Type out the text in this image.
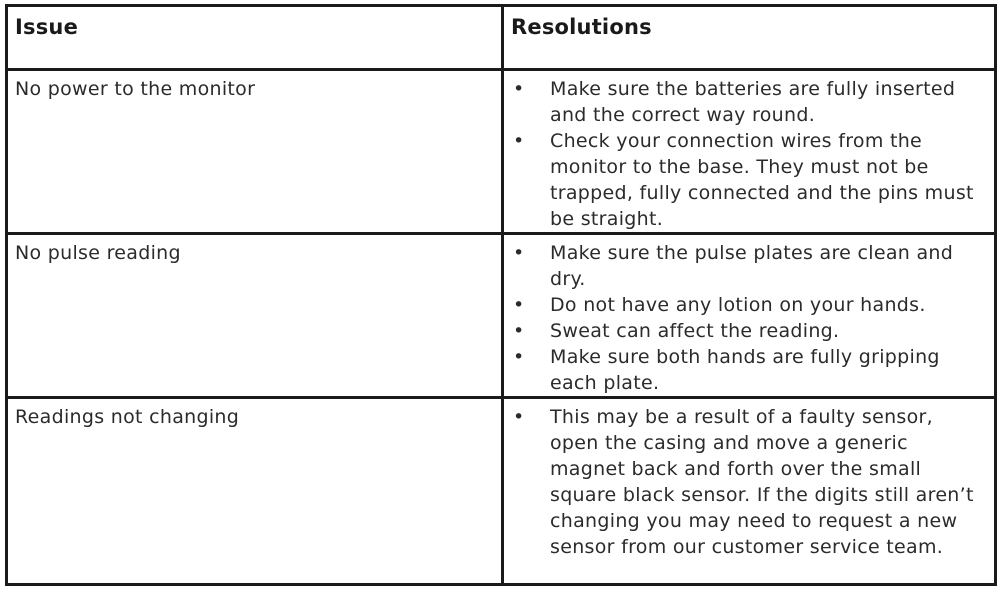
Issue	Resolutions
No power to the monitor	• Make sure the batteries are fully inserted and the correct way round.
• Check your connection wires from the monitor to the base. They must not be trapped, fully connected and the pins must be straight.
No pulse reading	• Make sure the pulse plates are clean and dry.
• Do not have any lotion on your hands.
• Sweat can affect the reading.
• Make sure both hands are fully gripping each plate.
Readings not changing	• This may be a result of a faulty sensor, open the casing and move a generic magnet back and forth over the small square black sensor. If the digits still aren’t changing you may need to request a new sensor from our customer service team.
